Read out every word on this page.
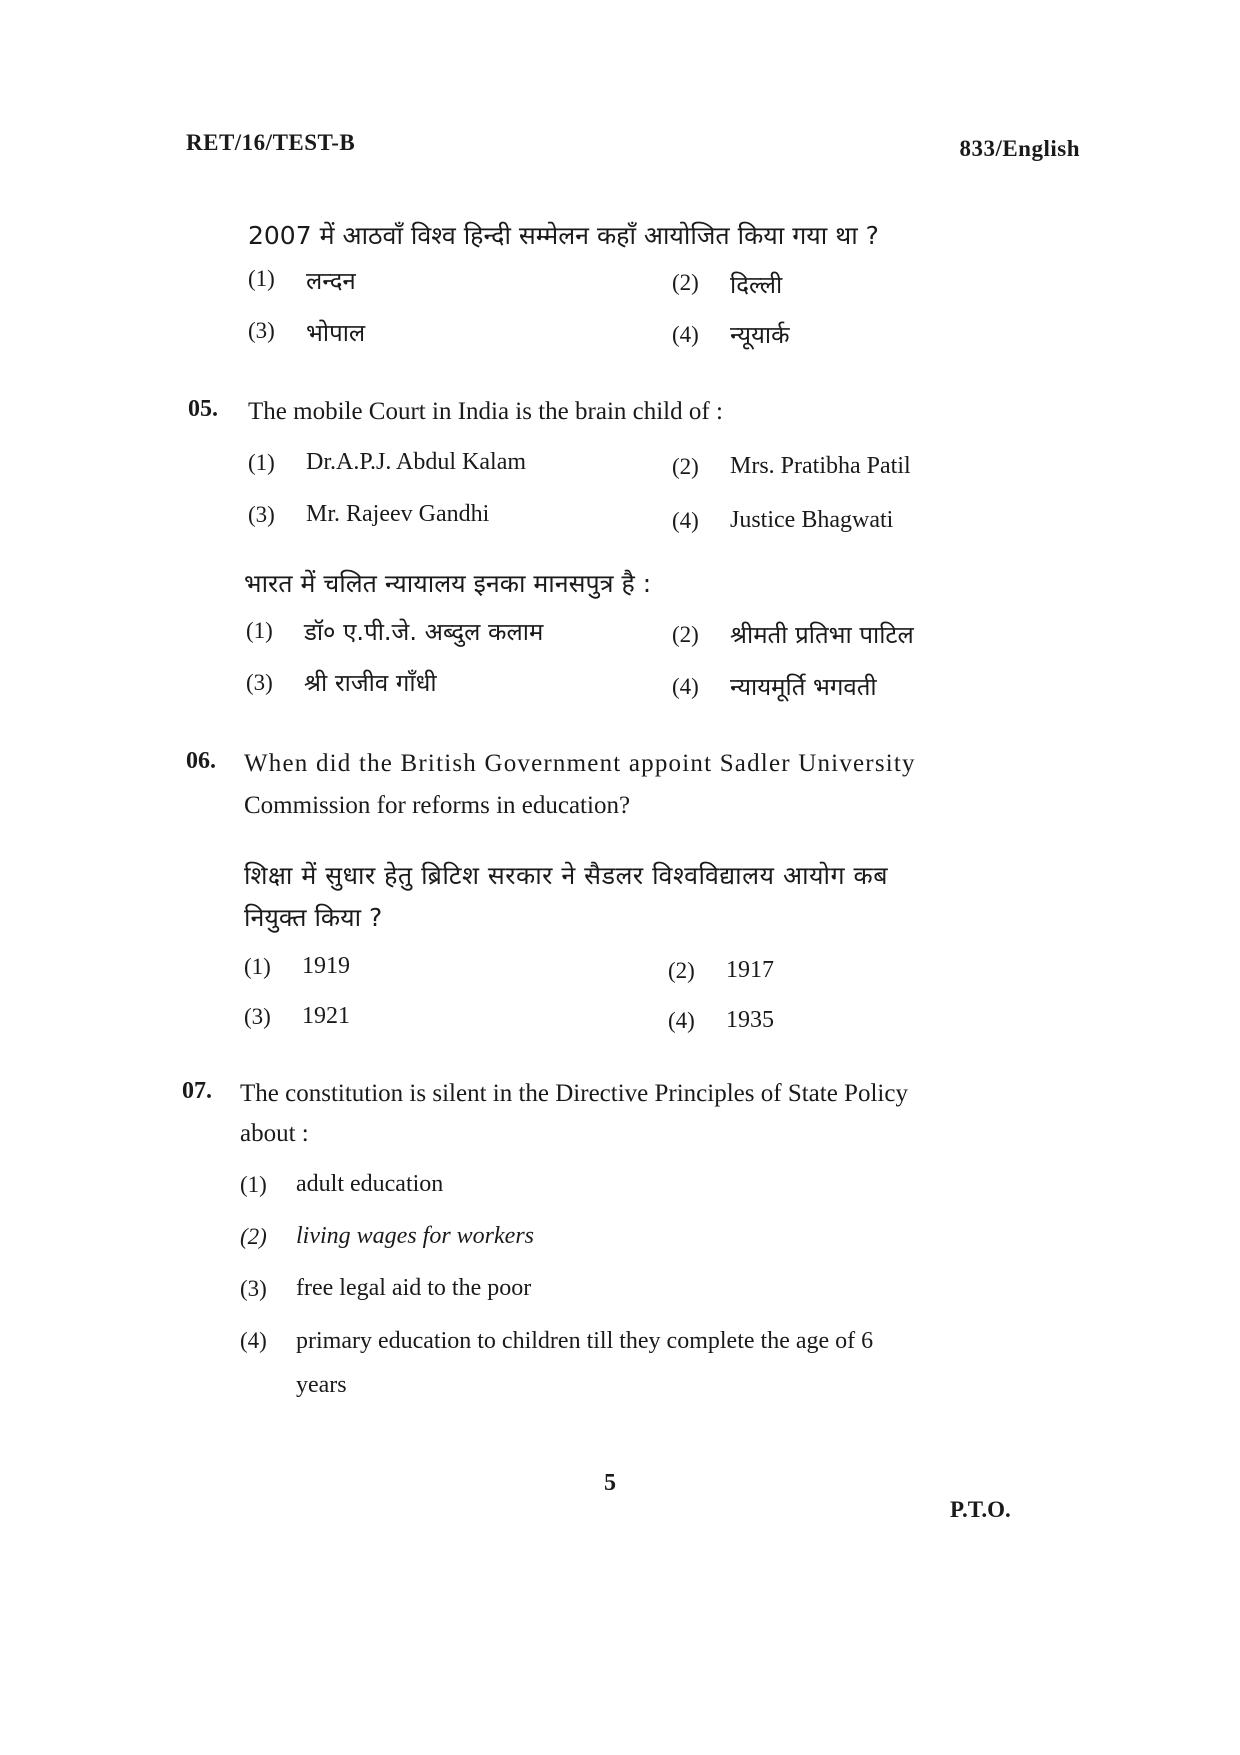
RET/16/TEST-B	833/English
2007 में आठवाँ विश्व हिन्दी सम्मेलन कहाँ आयोजित किया गया था ?
(1) लन्दन	(2) दिल्ली
(3) भोपाल	(4) न्यूयार्क
05. The mobile Court in India is the brain child of :
(1) Dr.A.P.J. Abdul Kalam	(2) Mrs. Pratibha Patil
(3) Mr. Rajeev Gandhi	(4) Justice Bhagwati
भारत में चलित न्यायालय इनका मानसपुत्र है :
(1) डॉ० ए.पी.जे. अब्दुल कलाम	(2) श्रीमती प्रतिभा पाटिल
(3) श्री राजीव गाँधी	(4) न्यायमूर्ति भगवती
06. When did the British Government appoint Sadler University
Commission for reforms in education?
शिक्षा में सुधार हेतु ब्रिटिश सरकार ने सैडलर विश्वविद्यालय आयोग कब
नियुक्त किया ?
(1) 1919	(2) 1917
(3) 1921	(4) 1935
07. The constitution is silent in the Directive Principles of State Policy
about :
(1) adult education
(2) living wages for workers
(3) free legal aid to the poor
(4) primary education to children till they complete the age of 6
years
5
P.T.O.
